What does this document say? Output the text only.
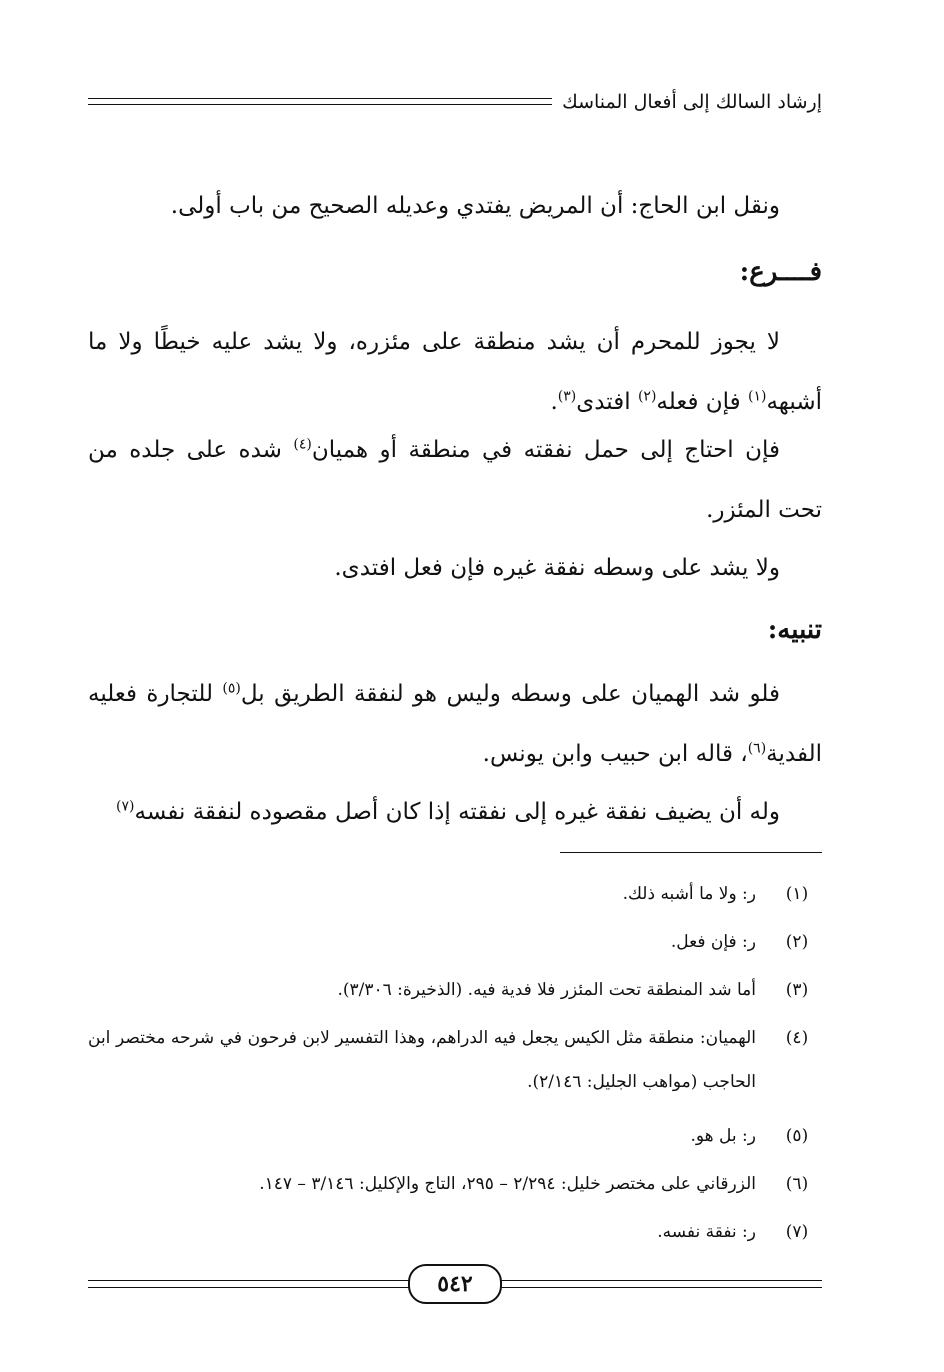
إرشاد السالك إلى أفعال المناسك

ونقل ابن الحاج: أن المريض يفتدي وعديله الصحيح من باب أولى.

فــــرع:

لا يجوز للمحرم أن يشد منطقة على مئزره، ولا يشد عليه خيطًا ولا ما أشبهه$^{(١)}$ فإن فعله$^{(٢)}$ افتدى$^{(٣)}$.

فإن احتاج إلى حمل نفقته في منطقة أو هميان$^{(٤)}$ شده على جلده من تحت المئزر.

ولا يشد على وسطه نفقة غيره فإن فعل افتدى.

تنبيه:

فلو شد الهميان على وسطه وليس هو لنفقة الطريق بل$^{(٥)}$ للتجارة فعليه الفدية$^{(٦)}$، قاله ابن حبيب وابن يونس.

وله أن يضيف نفقة غيره إلى نفقته إذا كان أصل مقصوده لنفقة نفسه$^{(٧)}$

(١)
ر: ولا ما أشبه ذلك.
(٢)
ر: فإن فعل.
(٣)
أما شد المنطقة تحت المئزر فلا فدية فيه. (الذخيرة: ٣/٣٠٦).
(٤)
الهميان: منطقة مثل الكيس يجعل فيه الدراهم، وهذا التفسير لابن فرحون في شرحه مختصر ابن الحاجب (مواهب الجليل: ٢/١٤٦).
(٥)
ر: بل هو.
(٦)
الزرقاني على مختصر خليل: ٢/٢٩٤ – ٢٩٥، التاج والإكليل: ٣/١٤٦ – ١٤٧.
(٧)
ر: نفقة نفسه.
٥٤٢
